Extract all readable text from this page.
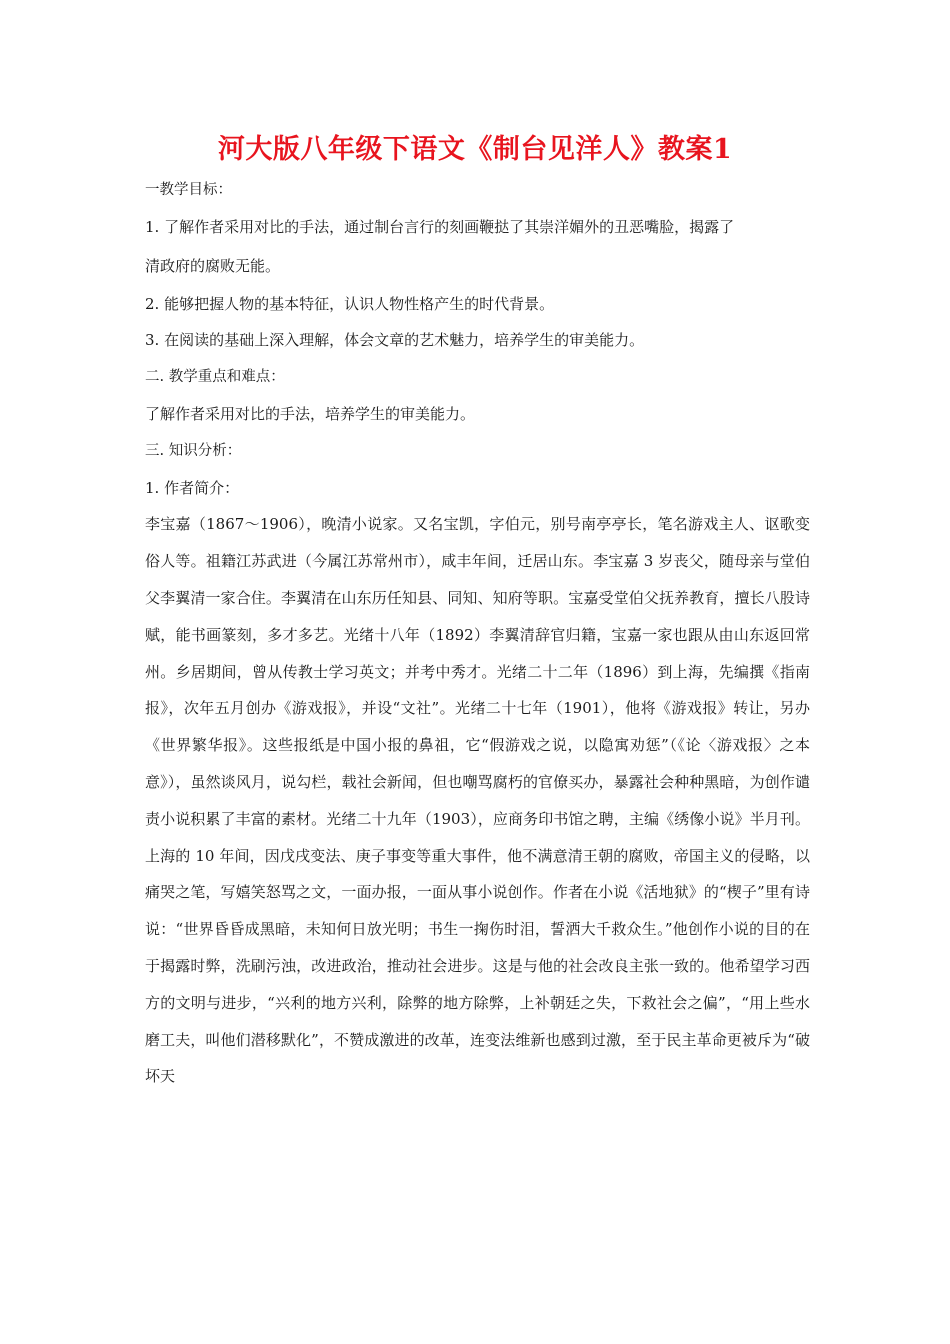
河大版八年级下语文《制台见洋人》教案1

一教学目标：

1. 了解作者采用对比的手法，通过制台言行的刻画鞭挞了其崇洋媚外的丑恶嘴脸，揭露了

清政府的腐败无能。

2. 能够把握人物的基本特征，认识人物性格产生的时代背景。

3. 在阅读的基础上深入理解，体会文章的艺术魅力，培养学生的审美能力。

二. 教学重点和难点：

了解作者采用对比的手法，培养学生的审美能力。

三. 知识分析：

1. 作者简介：

李宝嘉（1867～1906），晚清小说家。又名宝凯，字伯元，别号南亭亭长，笔名游戏主人、讴歌变俗人等。祖籍江苏武进（今属江苏常州市），咸丰年间，迁居山东。李宝嘉 3 岁丧父，随母亲与堂伯父李翼清一家合住。李翼清在山东历任知县、同知、知府等职。宝嘉受堂伯父抚养教育，擅长八股诗赋，能书画篆刻，多才多艺。光绪十八年（1892）李翼清辞官归籍，宝嘉一家也跟从由山东返回常州。乡居期间，曾从传教士学习英文；并考中秀才。光绪二十二年（1896）到上海，先编撰《指南报》，次年五月创办《游戏报》，并设“文社”。光绪二十七年（1901），他将《游戏报》转让，另办《世界繁华报》。这些报纸是中国小报的鼻祖，它“假游戏之说，以隐寓劝惩”（《论〈游戏报〉之本意》），虽然谈风月，说勾栏，载社会新闻，但也嘲骂腐朽的官僚买办，暴露社会种种黑暗，为创作谴责小说积累了丰富的素材。光绪二十九年（1903），应商务印书馆之聘，主编《绣像小说》半月刊。上海的 10 年间，因戊戌变法、庚子事变等重大事件，他不满意清王朝的腐败，帝国主义的侵略，以痛哭之笔，写嬉笑怒骂之文，一面办报，一面从事小说创作。作者在小说《活地狱》的“楔子”里有诗说：“世界昏昏成黑暗，未知何日放光明；书生一掬伤时泪，誓洒大千救众生。”他创作小说的目的在于揭露时弊，洗刷污浊，改进政治，推动社会进步。这是与他的社会改良主张一致的。他希望学习西方的文明与进步，“兴利的地方兴利，除弊的地方除弊，上补朝廷之失，下救社会之偏”，“用上些水磨工夫，叫他们潜移默化”，不赞成激进的改革，连变法维新也感到过激，至于民主革命更被斥为“破坏天
